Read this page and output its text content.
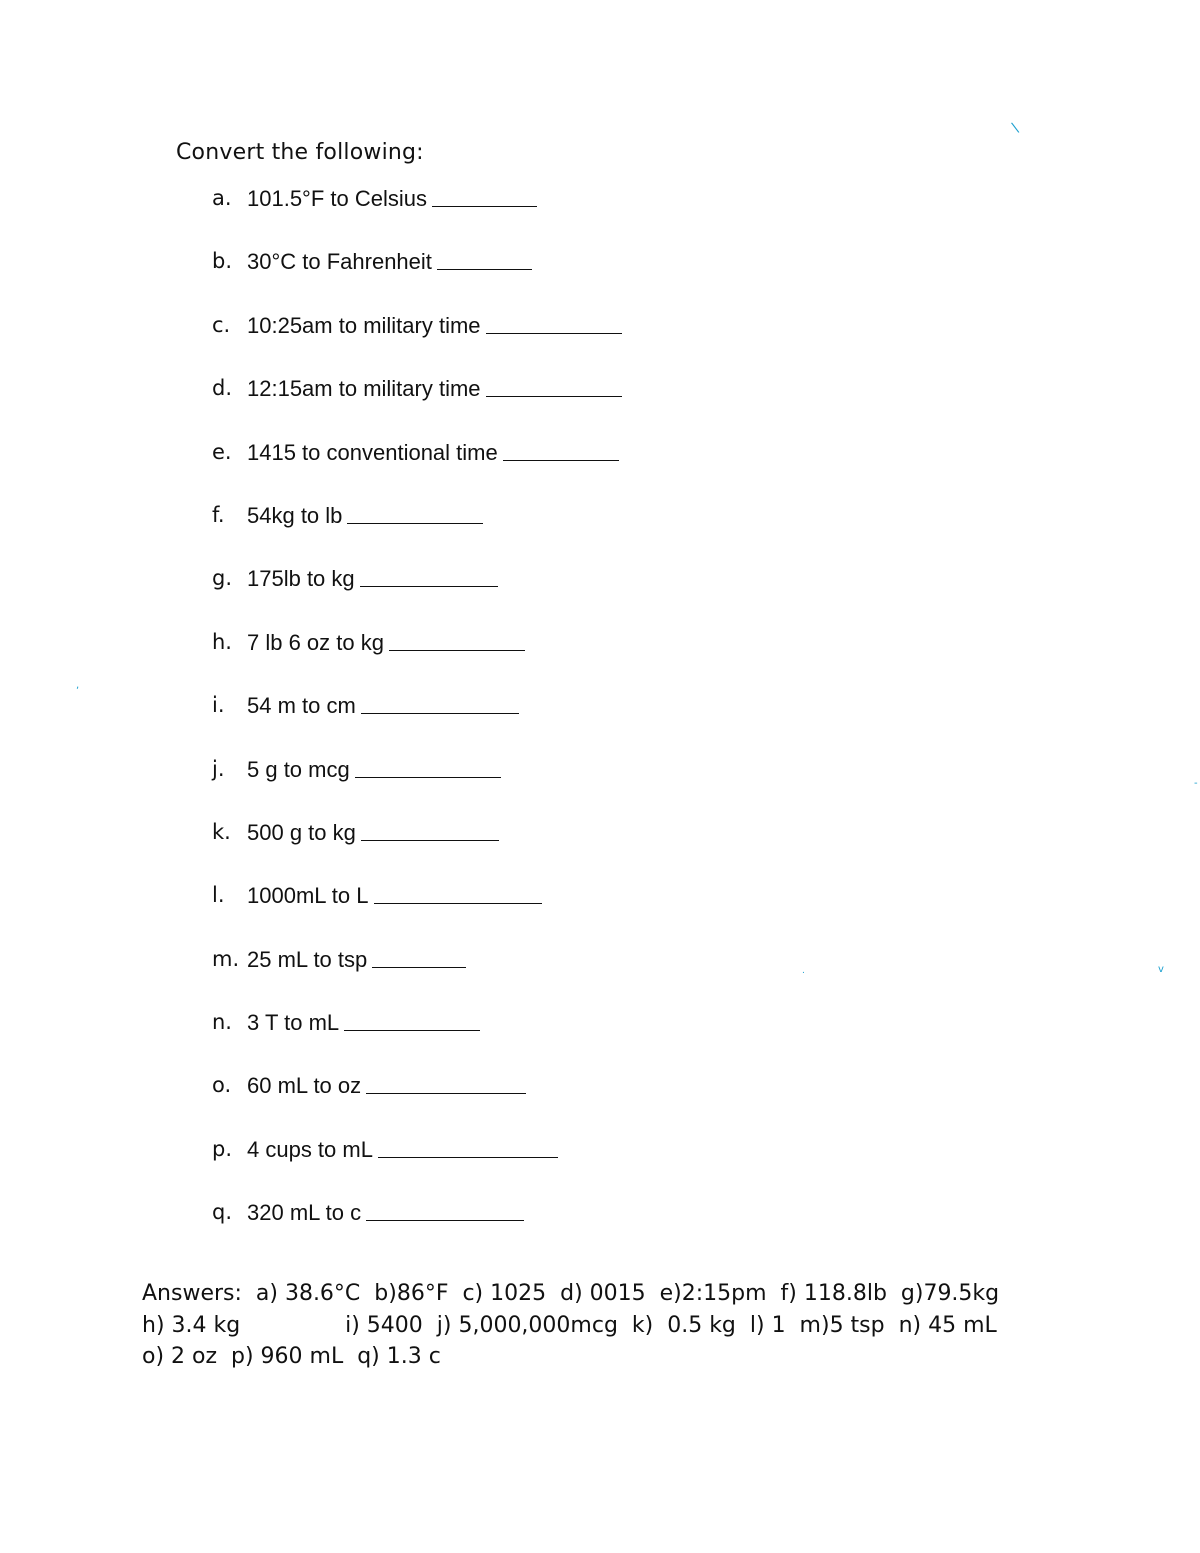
Convert the following:
a. 101.5°F to Celsius
b. 30°C to Fahrenheit
c. 10:25am to military time
d. 12:15am to military time
e. 1415 to conventional time
f.	54kg to lb
g. 175lb to kg
h. 7 lb 6 oz to kg
i.	54 m to cm
j.	5 g to mcg
k. 500 g to kg
l.	1000mL to L
m. 25 mL to tsp
n. 3 T to mL
o. 60 mL to oz
p. 4 cups to mL
q. 320 mL to c
Answers:  a) 38.6°C  b)86°F  c) 1025  d) 0015  e)2:15pm  f) 118.8lb  g)79.5kg
h) 3.4 kg               i) 5400  j) 5,000,000mcg  k)  0.5 kg  l) 1  m)5 tsp  n) 45 mL
o) 2 oz  p) 960 mL  q) 1.3 c
\
,
-
.	v
